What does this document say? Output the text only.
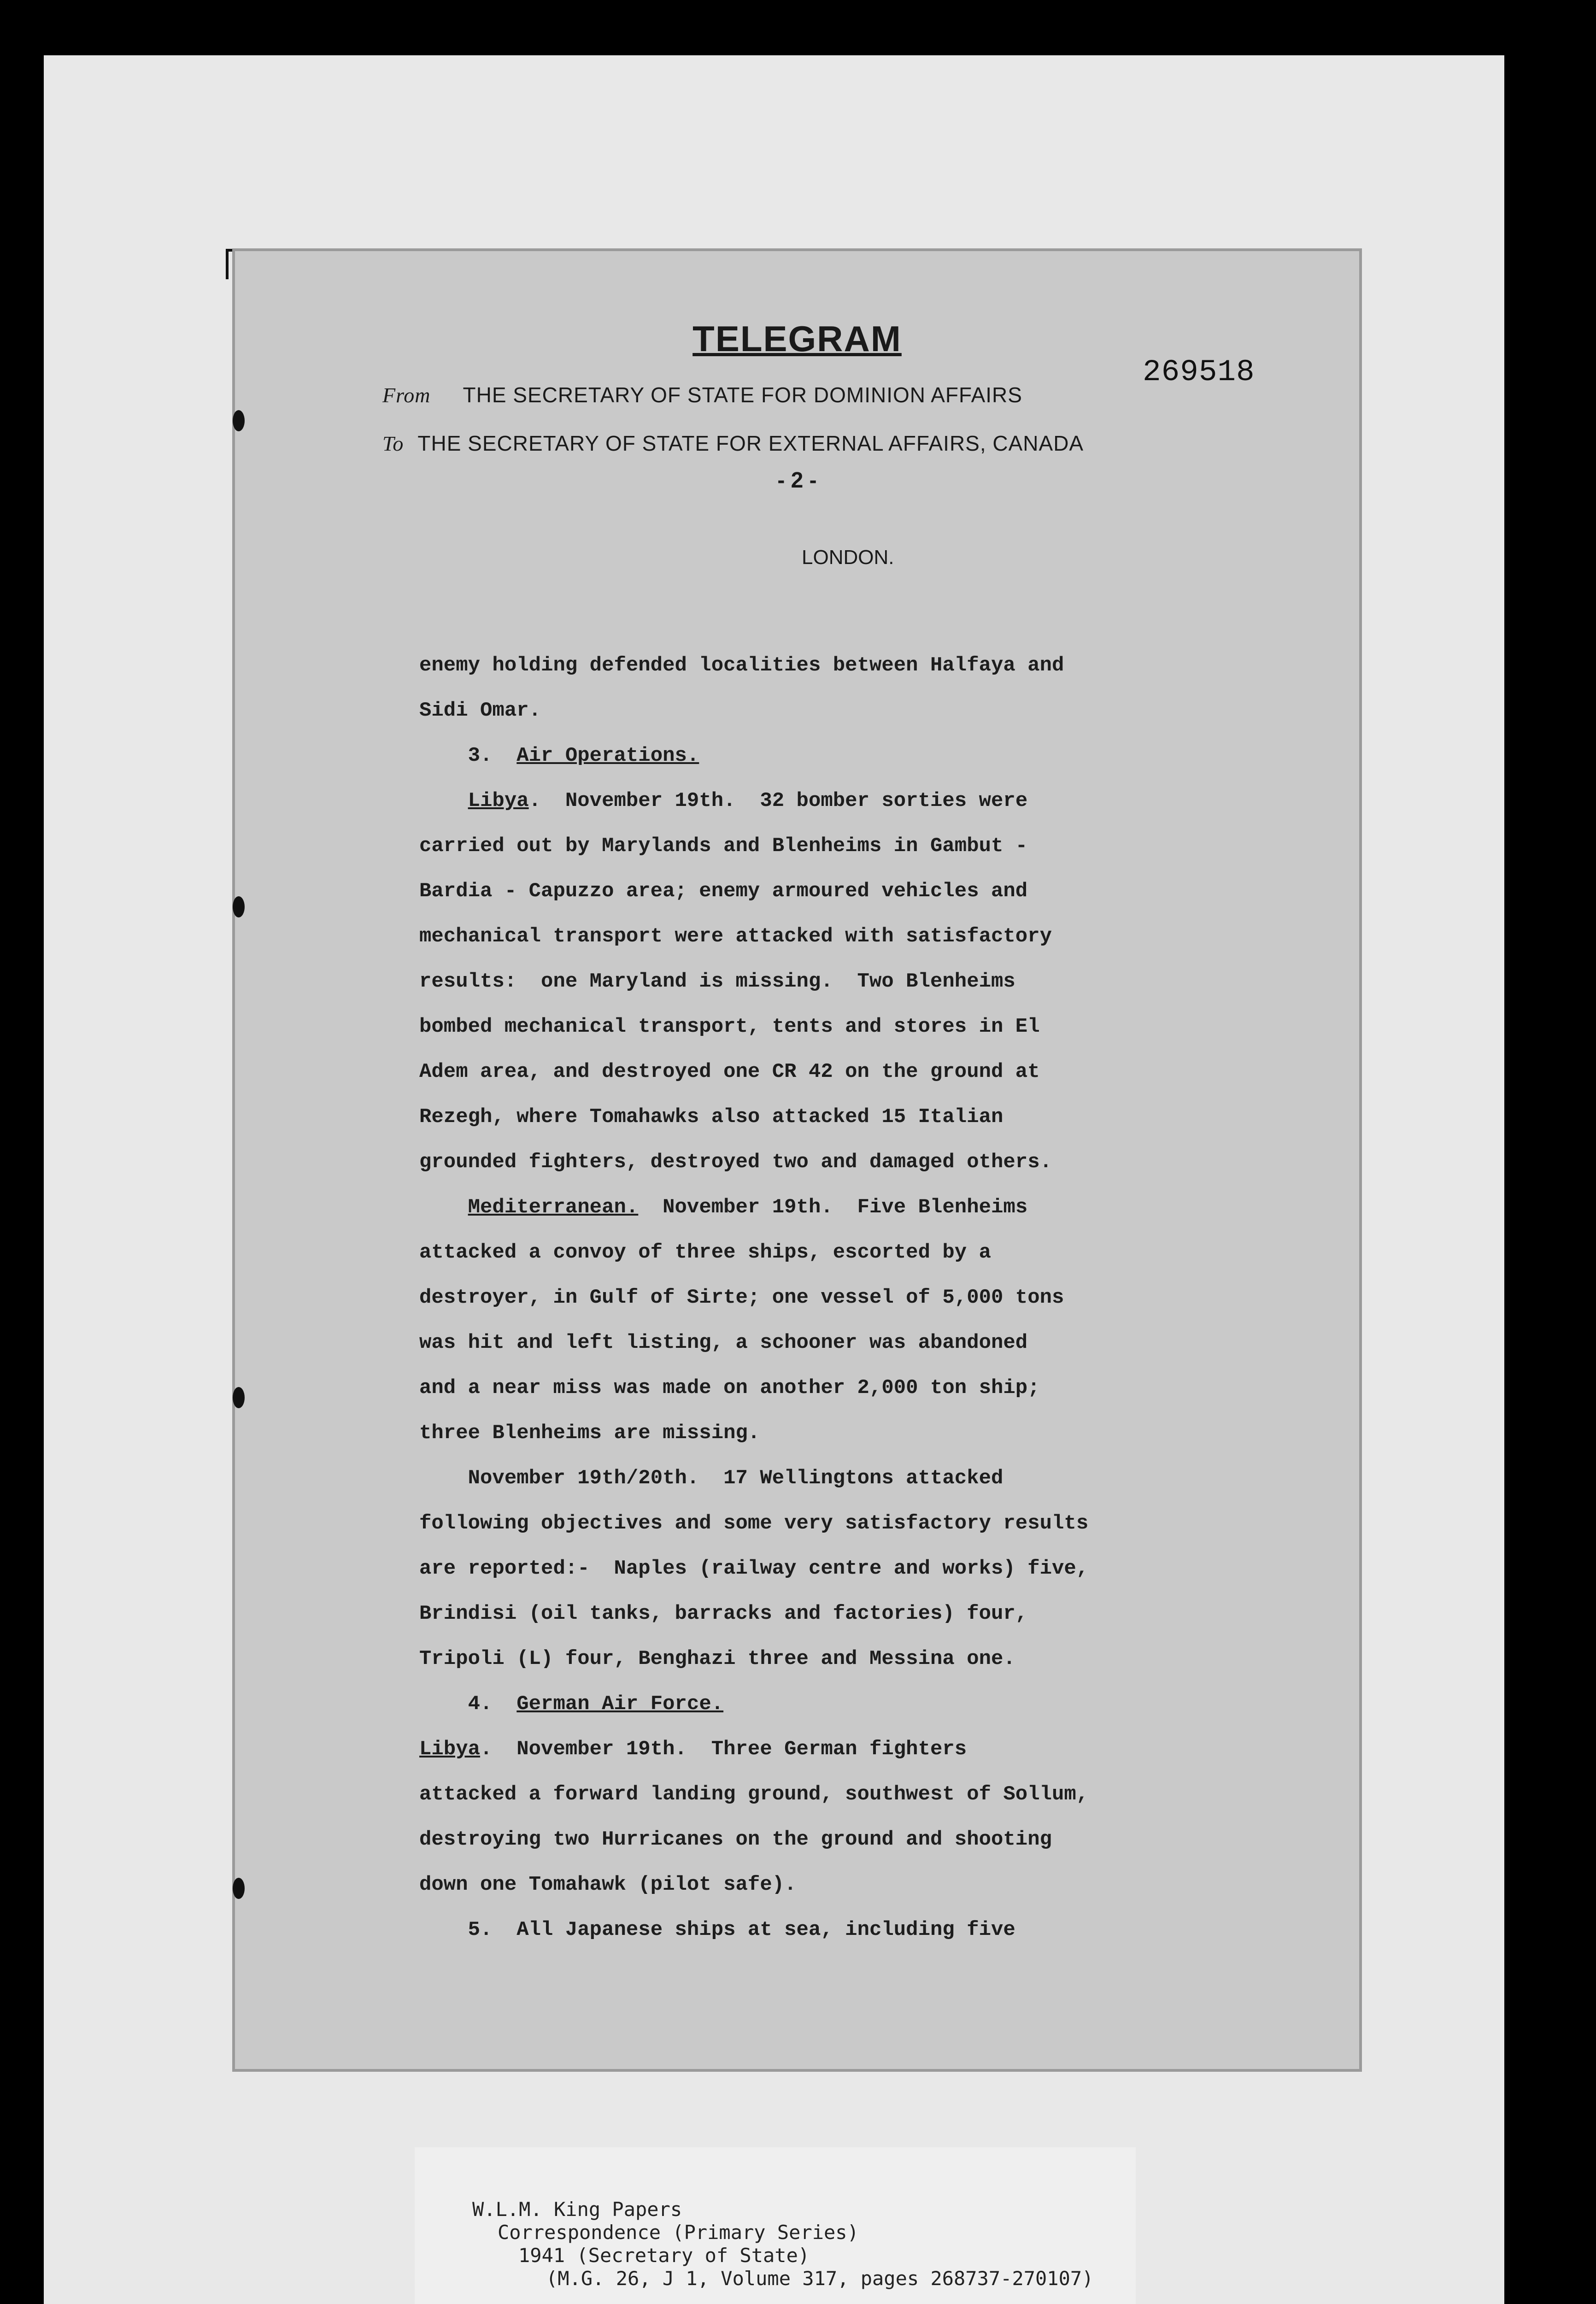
TELEGRAM
269518
From THE SECRETARY OF STATE FOR DOMINION AFFAIRS
To THE SECRETARY OF STATE FOR EXTERNAL AFFAIRS, CANADA
- 2 -
LONDON.

enemy holding defended localities between Halfaya and

Sidi Omar.

3. Air Operations.

Libya.  November 19th.  32 bomber sorties were

carried out by Marylands and Blenheims in Gambut -

Bardia - Capuzzo area; enemy armoured vehicles and

mechanical transport were attacked with satisfactory

results:  one Maryland is missing.  Two Blenheims

bombed mechanical transport, tents and stores in El

Adem area, and destroyed one CR 42 on the ground at

Rezegh, where Tomahawks also attacked 15 Italian

grounded fighters, destroyed two and damaged others.

Mediterranean.  November 19th.  Five Blenheims

attacked a convoy of three ships, escorted by a

destroyer, in Gulf of Sirte; one vessel of 5,000 tons

was hit and left listing, a schooner was abandoned

and a near miss was made on another 2,000 ton ship;

three Blenheims are missing.

November 19th/20th.  17 Wellingtons attacked

following objectives and some very satisfactory results

are reported:-  Naples (railway centre and works) five,

Brindisi (oil tanks, barracks and factories) four,

Tripoli (L) four, Benghazi three and Messina one.

4. German Air Force.

Libya.  November 19th.  Three German fighters

attacked a forward landing ground, southwest of Sollum,

destroying two Hurricanes on the ground and shooting

down one Tomahawk (pilot safe).

5.  All Japanese ships at sea, including five

W.L.M. King Papers

Correspondence (Primary Series)

1941 (Secretary of State)

(M.G. 26, J 1, Volume 317, pages 268737-270107)
